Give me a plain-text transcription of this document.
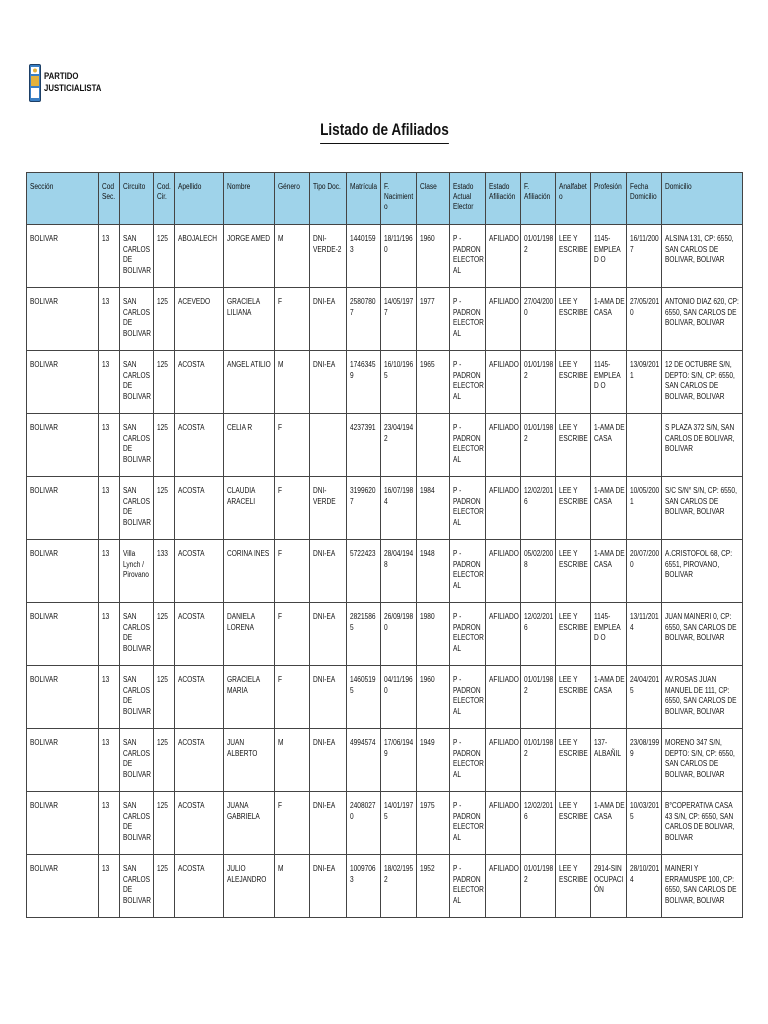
PARTIDO
JUSTICIALISTA
Listado de Afiliados
Sección	Cod Sec.	Circuito	Cod. Cir.	Apellido	Nombre	Género	Tipo Doc.	Matrícula	F. Nacimient o	Clase	Estado Actual Elector	Estado Afiliación	F. Afiliación	Analfabeto	Profesión	Fecha Domicilio	Domicilio
BOLIVAR	13	SAN CARLOS DE BOLIVAR	125	ABOJALECH	JORGE AMED	M	DNI-VERDE-2	14401593	18/11/1960	1960	P - PADRON ELECTOR AL	AFILIADO	01/01/1982	LEE Y ESCRIBE	1145-EMPLEAD O	16/11/2007	ALSINA 131, CP: 6550, SAN CARLOS DE BOLIVAR, BOLIVAR
BOLIVAR	13	SAN CARLOS DE BOLIVAR	125	ACEVEDO	GRACIELA LILIANA	F	DNI-EA	25807807	14/05/1977	1977	P - PADRON ELECTOR AL	AFILIADO	27/04/2000	LEE Y ESCRIBE	1-AMA DE CASA	27/05/2010	ANTONIO DIAZ 620, CP: 6550, SAN CARLOS DE BOLIVAR, BOLIVAR
BOLIVAR	13	SAN CARLOS DE BOLIVAR	125	ACOSTA	ANGEL ATILIO	M	DNI-EA	17463459	16/10/1965	1965	P - PADRON ELECTOR AL	AFILIADO	01/01/1982	LEE Y ESCRIBE	1145-EMPLEAD O	13/09/2011	12 DE OCTUBRE S/N, DEPTO: S/N, CP: 6550, SAN CARLOS DE BOLIVAR, BOLIVAR
BOLIVAR	13	SAN CARLOS DE BOLIVAR	125	ACOSTA	CELIA R	F		4237391	23/04/1942		P - PADRON ELECTOR AL	AFILIADO	01/01/1982	LEE Y ESCRIBE	1-AMA DE CASA		S PLAZA 372 S/N, SAN CARLOS DE BOLIVAR, BOLIVAR
BOLIVAR	13	SAN CARLOS DE BOLIVAR	125	ACOSTA	CLAUDIA ARACELI	F	DNI-VERDE	31996207	16/07/1984	1984	P - PADRON ELECTOR AL	AFILIADO	12/02/2016	LEE Y ESCRIBE	1-AMA DE CASA	10/05/2001	S/C S/N° S/N, CP: 6550, SAN CARLOS DE BOLIVAR, BOLIVAR
BOLIVAR	13	Villa Lynch / Pirovano	133	ACOSTA	CORINA INES	F	DNI-EA	5722423	28/04/1948	1948	P - PADRON ELECTOR AL	AFILIADO	05/02/2008	LEE Y ESCRIBE	1-AMA DE CASA	20/07/2000	A.CRISTOFOL 68, CP: 6551, PIROVANO, BOLIVAR
BOLIVAR	13	SAN CARLOS DE BOLIVAR	125	ACOSTA	DANIELA LORENA	F	DNI-EA	28215865	26/09/1980	1980	P - PADRON ELECTOR AL	AFILIADO	12/02/2016	LEE Y ESCRIBE	1145-EMPLEAD O	13/11/2014	JUAN MAINERI 0, CP: 6550, SAN CARLOS DE BOLIVAR, BOLIVAR
BOLIVAR	13	SAN CARLOS DE BOLIVAR	125	ACOSTA	GRACIELA MARIA	F	DNI-EA	14605195	04/11/1960	1960	P - PADRON ELECTOR AL	AFILIADO	01/01/1982	LEE Y ESCRIBE	1-AMA DE CASA	24/04/2015	AV.ROSAS JUAN MANUEL DE 111, CP: 6550, SAN CARLOS DE BOLIVAR, BOLIVAR
BOLIVAR	13	SAN CARLOS DE BOLIVAR	125	ACOSTA	JUAN ALBERTO	M	DNI-EA	4994574	17/06/1949	1949	P - PADRON ELECTOR AL	AFILIADO	01/01/1982	LEE Y ESCRIBE	137-ALBAÑIL	23/08/1999	MORENO 347 S/N, DEPTO: S/N, CP: 6550, SAN CARLOS DE BOLIVAR, BOLIVAR
BOLIVAR	13	SAN CARLOS DE BOLIVAR	125	ACOSTA	JUANA GABRIELA	F	DNI-EA	24080270	14/01/1975	1975	P - PADRON ELECTOR AL	AFILIADO	12/02/2016	LEE Y ESCRIBE	1-AMA DE CASA	10/03/2015	B°COPERATIVA CASA 43 S/N, CP: 6550, SAN CARLOS DE BOLIVAR, BOLIVAR
BOLIVAR	13	SAN CARLOS DE BOLIVAR	125	ACOSTA	JULIO ALEJANDRO	M	DNI-EA	10097063	18/02/1952	1952	P - PADRON ELECTOR AL	AFILIADO	01/01/1982	LEE Y ESCRIBE	2914-SIN OCUPACI ÓN	28/10/2014	MAINERI Y ERRAMUSPE 100, CP: 6550, SAN CARLOS DE BOLIVAR, BOLIVAR
